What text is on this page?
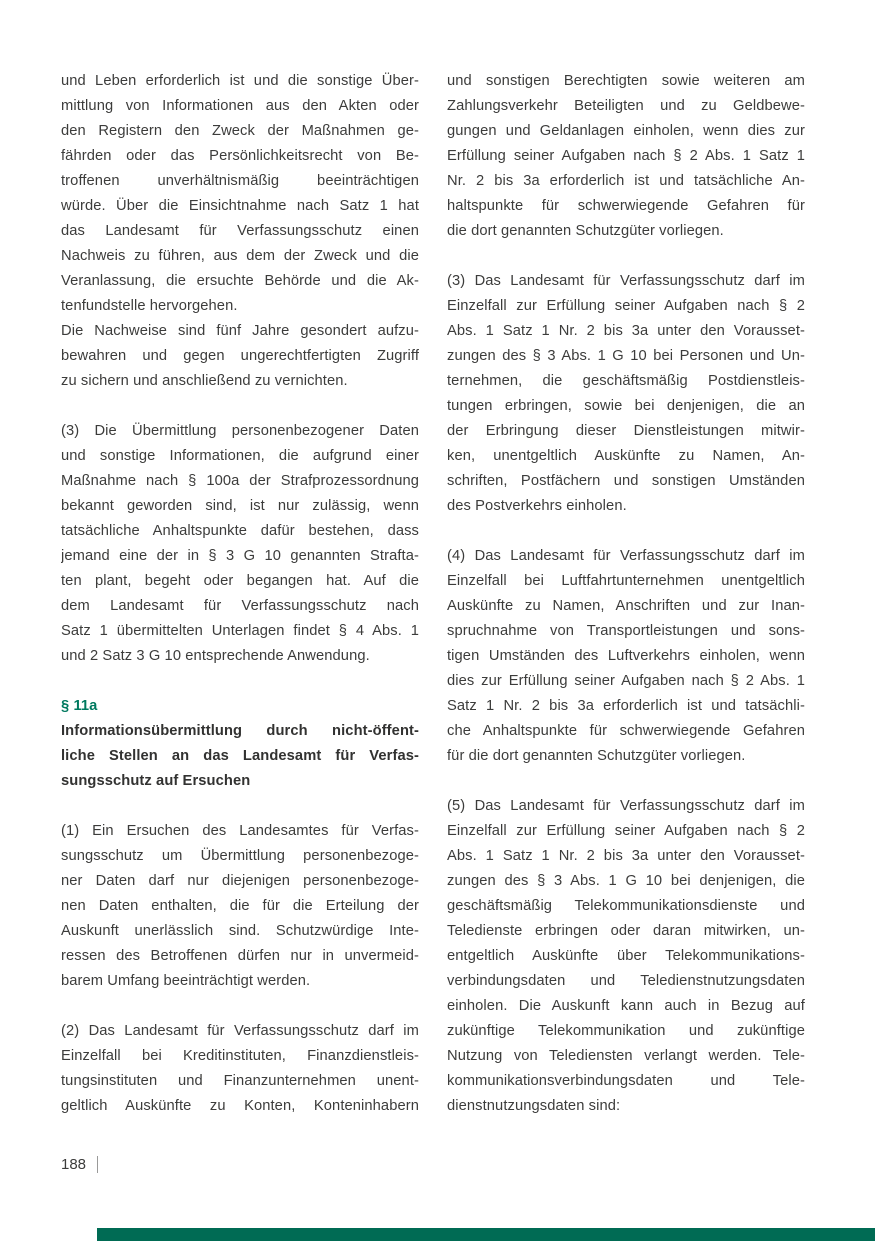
und Leben erforderlich ist und die sonstige Über-
mittlung von Informationen aus den Akten oder
den Registern den Zweck der Maßnahmen ge-
fährden oder das Persönlichkeitsrecht von Be-
troffenen unverhältnismäßig beeinträchtigen
würde. Über die Einsichtnahme nach Satz 1 hat
das Landesamt für Verfassungsschutz einen
Nachweis zu führen, aus dem der Zweck und die
Veranlassung, die ersuchte Behörde und die Ak-
tenfundstelle hervorgehen.
Die Nachweise sind fünf Jahre gesondert aufzu-
bewahren und gegen ungerechtfertigten Zugriff
zu sichern und anschließend zu vernichten.
(3) Die Übermittlung personenbezogener Daten
und sonstige Informationen, die aufgrund einer
Maßnahme nach § 100a der Strafprozessordnung
bekannt geworden sind, ist nur zulässig, wenn
tatsächliche Anhaltspunkte dafür bestehen, dass
jemand eine der in § 3 G 10 genannten Strafta-
ten plant, begeht oder begangen hat. Auf die
dem Landesamt für Verfassungsschutz nach
Satz 1 übermittelten Unterlagen findet § 4 Abs. 1
und 2 Satz 3 G 10 entsprechende Anwendung.
§ 11a
Informationsübermittlung durch nicht-öffent-
liche Stellen an das Landesamt für Verfas-
sungsschutz auf Ersuchen
(1) Ein Ersuchen des Landesamtes für Verfas-
sungsschutz um Übermittlung personenbezoge-
ner Daten darf nur diejenigen personenbezoge-
nen Daten enthalten, die für die Erteilung der
Auskunft unerlässlich sind. Schutzwürdige Inte-
ressen des Betroffenen dürfen nur in unvermeid-
barem Umfang beeinträchtigt werden.
(2) Das Landesamt für Verfassungsschutz darf im
Einzelfall bei Kreditinstituten, Finanzdienstleis-
tungsinstituten und Finanzunternehmen unent-
geltlich Auskünfte zu Konten, Konteninhabern
und sonstigen Berechtigten sowie weiteren am
Zahlungsverkehr Beteiligten und zu Geldbewe-
gungen und Geldanlagen einholen, wenn dies zur
Erfüllung seiner Aufgaben nach § 2 Abs. 1 Satz 1
Nr. 2 bis 3a erforderlich ist und tatsächliche An-
haltspunkte für schwerwiegende Gefahren für
die dort genannten Schutzgüter vorliegen.
(3) Das Landesamt für Verfassungsschutz darf im
Einzelfall zur Erfüllung seiner Aufgaben nach § 2
Abs. 1 Satz 1 Nr. 2 bis 3a unter den Vorausset-
zungen des § 3 Abs. 1 G 10 bei Personen und Un-
ternehmen, die geschäftsmäßig Postdienstleis-
tungen erbringen, sowie bei denjenigen, die an
der Erbringung dieser Dienstleistungen mitwir-
ken, unentgeltlich Auskünfte zu Namen, An-
schriften, Postfächern und sonstigen Umständen
des Postverkehrs einholen.
(4) Das Landesamt für Verfassungsschutz darf im
Einzelfall bei Luftfahrtunternehmen unentgeltlich
Auskünfte zu Namen, Anschriften und zur Inan-
spruchnahme von Transportleistungen und sons-
tigen Umständen des Luftverkehrs einholen, wenn
dies zur Erfüllung seiner Aufgaben nach § 2 Abs. 1
Satz 1 Nr. 2 bis 3a erforderlich ist und tatsächli-
che Anhaltspunkte für schwerwiegende Gefahren
für die dort genannten Schutzgüter vorliegen.
(5) Das Landesamt für Verfassungsschutz darf im
Einzelfall zur Erfüllung seiner Aufgaben nach § 2
Abs. 1 Satz 1 Nr. 2 bis 3a unter den Vorausset-
zungen des § 3 Abs. 1 G 10 bei denjenigen, die
geschäftsmäßig Telekommunikationsdienste und
Teledienste erbringen oder daran mitwirken, un-
entgeltlich Auskünfte über Telekommunikations-
verbindungsdaten und Teledienstnutzungsdaten
einholen. Die Auskunft kann auch in Bezug auf
zukünftige Telekommunikation und zukünftige
Nutzung von Telediensten verlangt werden. Tele-
kommunikationsverbindungsdaten und Tele-
dienstnutzungsdaten sind:
188
